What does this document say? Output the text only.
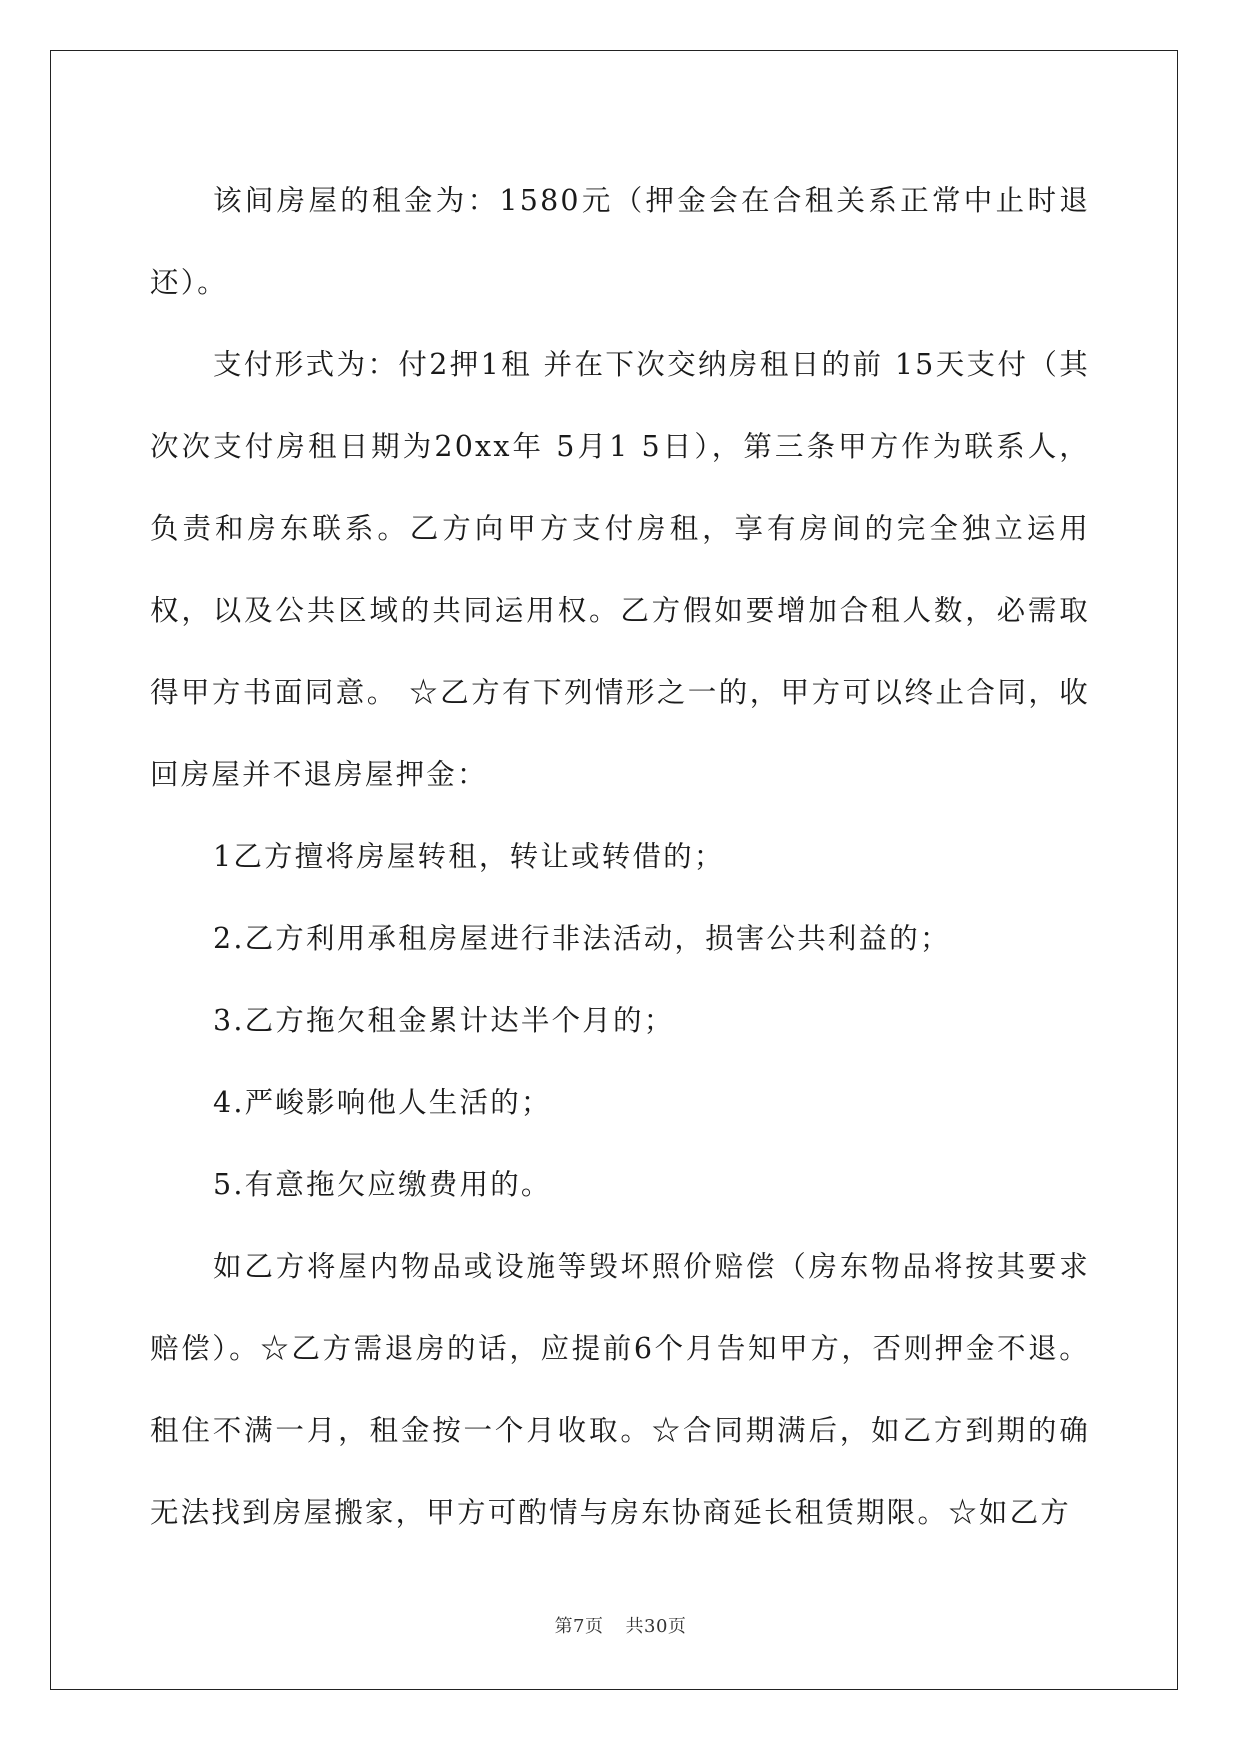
该间房屋的租金为：1580元（押金会在合租关系正常中止时退还）。

支付形式为：付2押1租 并在下次交纳房租日的前 15天支付（其次次支付房租日期为20xx年 5月1 5日），第三条甲方作为联系人，负责和房东联系。乙方向甲方支付房租，享有房间的完全独立运用权，以及公共区域的共同运用权。乙方假如要增加合租人数，必需取得甲方书面同意。 ☆乙方有下列情形之一的，甲方可以终止合同，收回房屋并不退房屋押金：

1乙方擅将房屋转租，转让或转借的；

2.乙方利用承租房屋进行非法活动，损害公共利益的；

3.乙方拖欠租金累计达半个月的；

4.严峻影响他人生活的；

5.有意拖欠应缴费用的。

如乙方将屋内物品或设施等毁坏照价赔偿（房东物品将按其要求赔偿）。☆乙方需退房的话，应提前6个月告知甲方，否则押金不退。租住不满一月，租金按一个月收取。☆合同期满后，如乙方到期的确无法找到房屋搬家，甲方可酌情与房东协商延长租赁期限。☆如乙方

第7页 共30页
